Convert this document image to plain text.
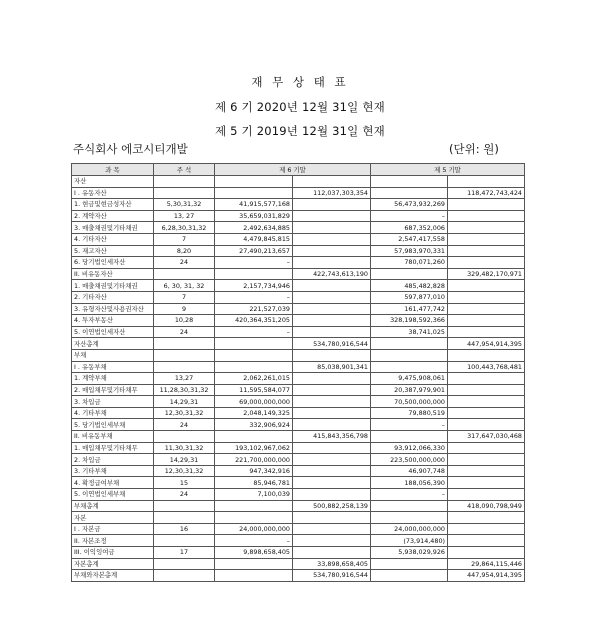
재 무 상 태 표
제 6 기 2020년 12월 31일 현재
제 5 기 2019년 12월 31일 현재
주식회사 에코시티개발	(단위: 원)
과 목	주 석	제 6 기말		제 5 기말	
자산					
I . 유동자산			112,037,303,354		118,472,743,424
1. 현금및현금성자산	5,30,31,32	41,915,577,168		56,473,932,269	
2. 계약자산	13, 27	35,659,031,829		–	
3. 매출채권및기타채권	6,28,30,31,32	2,492,634,885		687,352,006	
4. 기타자산	7	4,479,845,815		2,547,417,558	
5. 재고자산	8,20	27,490,213,657		57,983,970,331	
6. 당기법인세자산	24	–		780,071,260	
II. 비유동자산			422,743,613,190		329,482,170,971
1. 매출채권및기타채권	6, 30, 31, 32	2,157,734,946		485,482,828	
2. 기타자산	7	–		597,877,010	
3. 유형자산및사용권자산	9	221,527,039		161,477,742	
4. 투자부동산	10,28	420,364,351,205		328,198,592,366	
5. 이연법인세자산	24	–		38,741,025	
자산총계			534,780,916,544		447,954,914,395
부채					
I . 유동부채			85,038,901,341		100,443,768,481
1. 계약부채	13,27	2,062,261,015		9,475,908,061	
2. 매입채무및기타채무	11,28,30,31,32	11,595,584,077		20,387,979,901	
3. 차입금	14,29,31	69,000,000,000		70,500,000,000	
4. 기타부채	12,30,31,32	2,048,149,325		79,880,519	
5. 당기법인세부채	24	332,906,924		–	
II. 비유동부채			415,843,356,798		317,647,030,468
1. 매입채무및기타채무	11,30,31,32	193,102,967,062		93,912,066,330	
2. 차입금	14,29,31	221,700,000,000		223,500,000,000	
3. 기타부채	12,30,31,32	947,342,916		46,907,748	
4. 확정급여부채	15	85,946,781		188,056,390	
5. 이연법인세부채	24	7,100,039		–	
부채총계			500,882,258,139		418,090,798,949
자본					
I . 자본금	16	24,000,000,000		24,000,000,000	
II. 자본조정		–		(73,914,480)	
III. 이익잉여금	17	9,898,658,405		5,938,029,926	
자본총계			33,898,658,405		29,864,115,446
부채와자본총계			534,780,916,544		447,954,914,395
